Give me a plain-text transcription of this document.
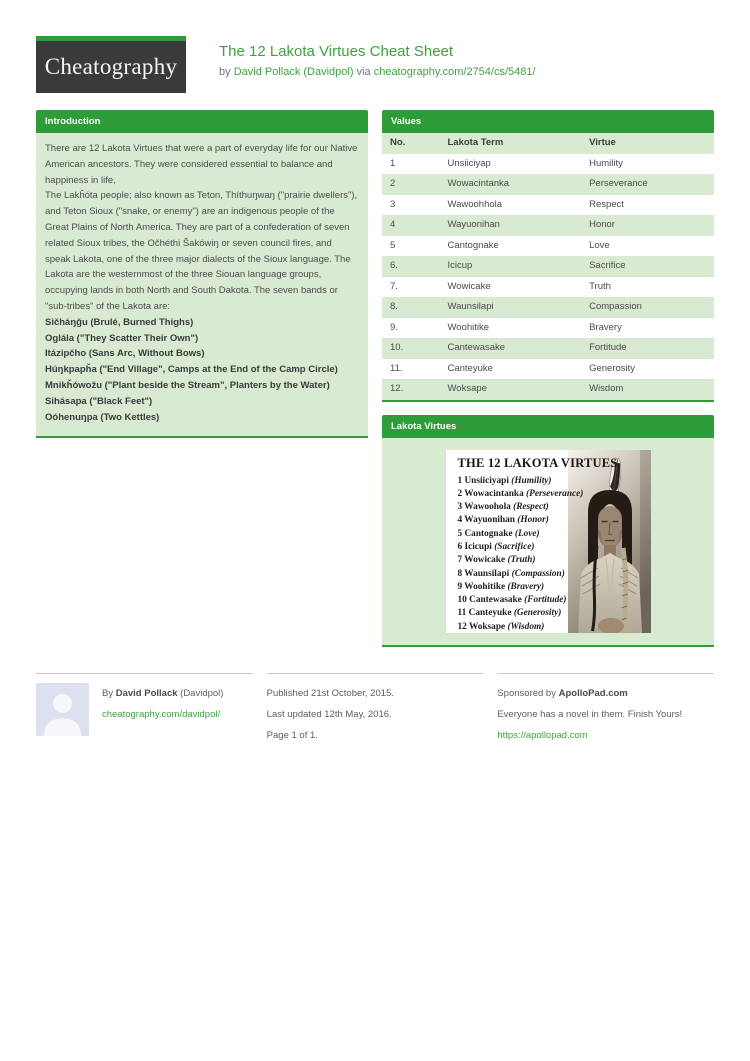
Cheatography
The 12 Lakota Virtues Cheat Sheet
by David Pollack (Davidpol) via cheatography.com/2754/cs/5481/
Introduction

There are 12 Lakota Virtues that were a part of everyday life for our Native American ancestors. They were considered essential to balance and happiness in life,

The Lakȟóta people; also known as Teton, Thíthuŋwaŋ ("prairie dwellers"), and Teton Sioux ("snake, or enemy") are an indigenous people of the Great Plains of North America. They are part of a confederation of seven related Sioux tribes, the Očhéthi Šakówiŋ or seven council fires, and speak Lakota, one of the three major dialects of the Sioux language. The Lakota are the westernmost of the three Siouan language groups, occupying lands in both North and South Dakota. The seven bands or "sub-tribes" of the Lakota are:

Sičháŋǧu (Brulé, Burned Thighs)
Oglála ("They Scatter Their Own")
Itázipčho (Sans Arc, Without Bows)
Húŋkpapȟa ("End Village", Camps at the End of the Camp Circle)
Mnikȟówožu ("Plant beside the Stream", Planters by the Water)
Sihásapa ("Black Feet")
Oóhenuŋpa (Two Kettles)
Values
No.	Lakota Term	Virtue
1	Unsiiciyap	Humility
2	Wowacintanka	Perseverance
3	Wawoohhola	Respect
4	Wayuonihan	Honor
5	Cantognake	Love
6.	Icicup	Sacrifice
7.	Wowicake	Truth
8.	Waunsilapi	Compassion
9.	Woohitike	Bravery
10.	Cantewasake	Fortitude
11.	Canteyuke	Generosity
12.	Woksape	Wisdom
Lakota Virtues
THE 12 LAKOTA VIRTUES
1 Unsiiciyapi (Humility)
2 Wowacintanka (Perseverance)
3 Wawoohola (Respect)
4 Wayuonihan (Honor)
5 Cantognake (Love)
6 Icicupi (Sacrifice)
7 Wowicake (Truth)
8 Waunsilapi (Compassion)
9 Woohitike (Bravery)
10 Cantewasake (Fortitude)
11 Canteyuke (Generosity)
12 Woksape (Wisdom)
By David Pollack (Davidpol)
cheatography.com/davidpol/
Published 21st October, 2015.
Last updated 12th May, 2016.
Page 1 of 1.
Sponsored by ApolloPad.com
Everyone has a novel in them. Finish Yours!
https://apollopad.com
